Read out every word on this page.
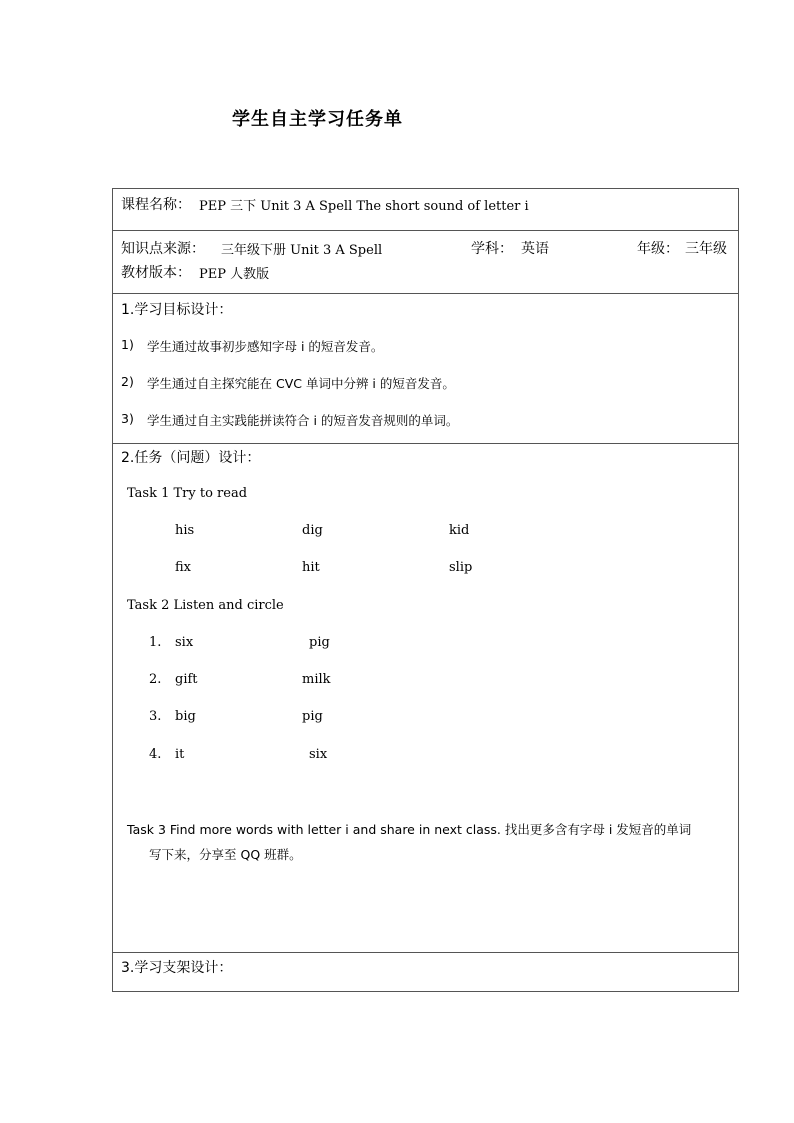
学生自主学习任务单
课程名称： PEP 三下 Unit 3 A Spell The short sound of letter i
知识点来源： 三年级下册 Unit 3 A Spell	学科： 英语	年级： 三年级
教材版本： PEP 人教版
1.学习目标设计：
1) 学生通过故事初步感知字母 i 的短音发音。
2) 学生通过自主探究能在 CVC 单词中分辨 i 的短音发音。
3) 学生通过自主实践能拼读符合 i 的短音发音规则的单词。
2.任务（问题）设计：
Task 1 Try to read
his	dig	kid
fix	hit	slip
Task 2 Listen and circle
1. six	pig
2. gift	milk
3. big	pig
4. it	six
Task 3 Find more words with letter i and share in next class. 找出更多含有字母 i 发短音的单词
写下来，分享至 QQ 班群。
3.学习支架设计：
